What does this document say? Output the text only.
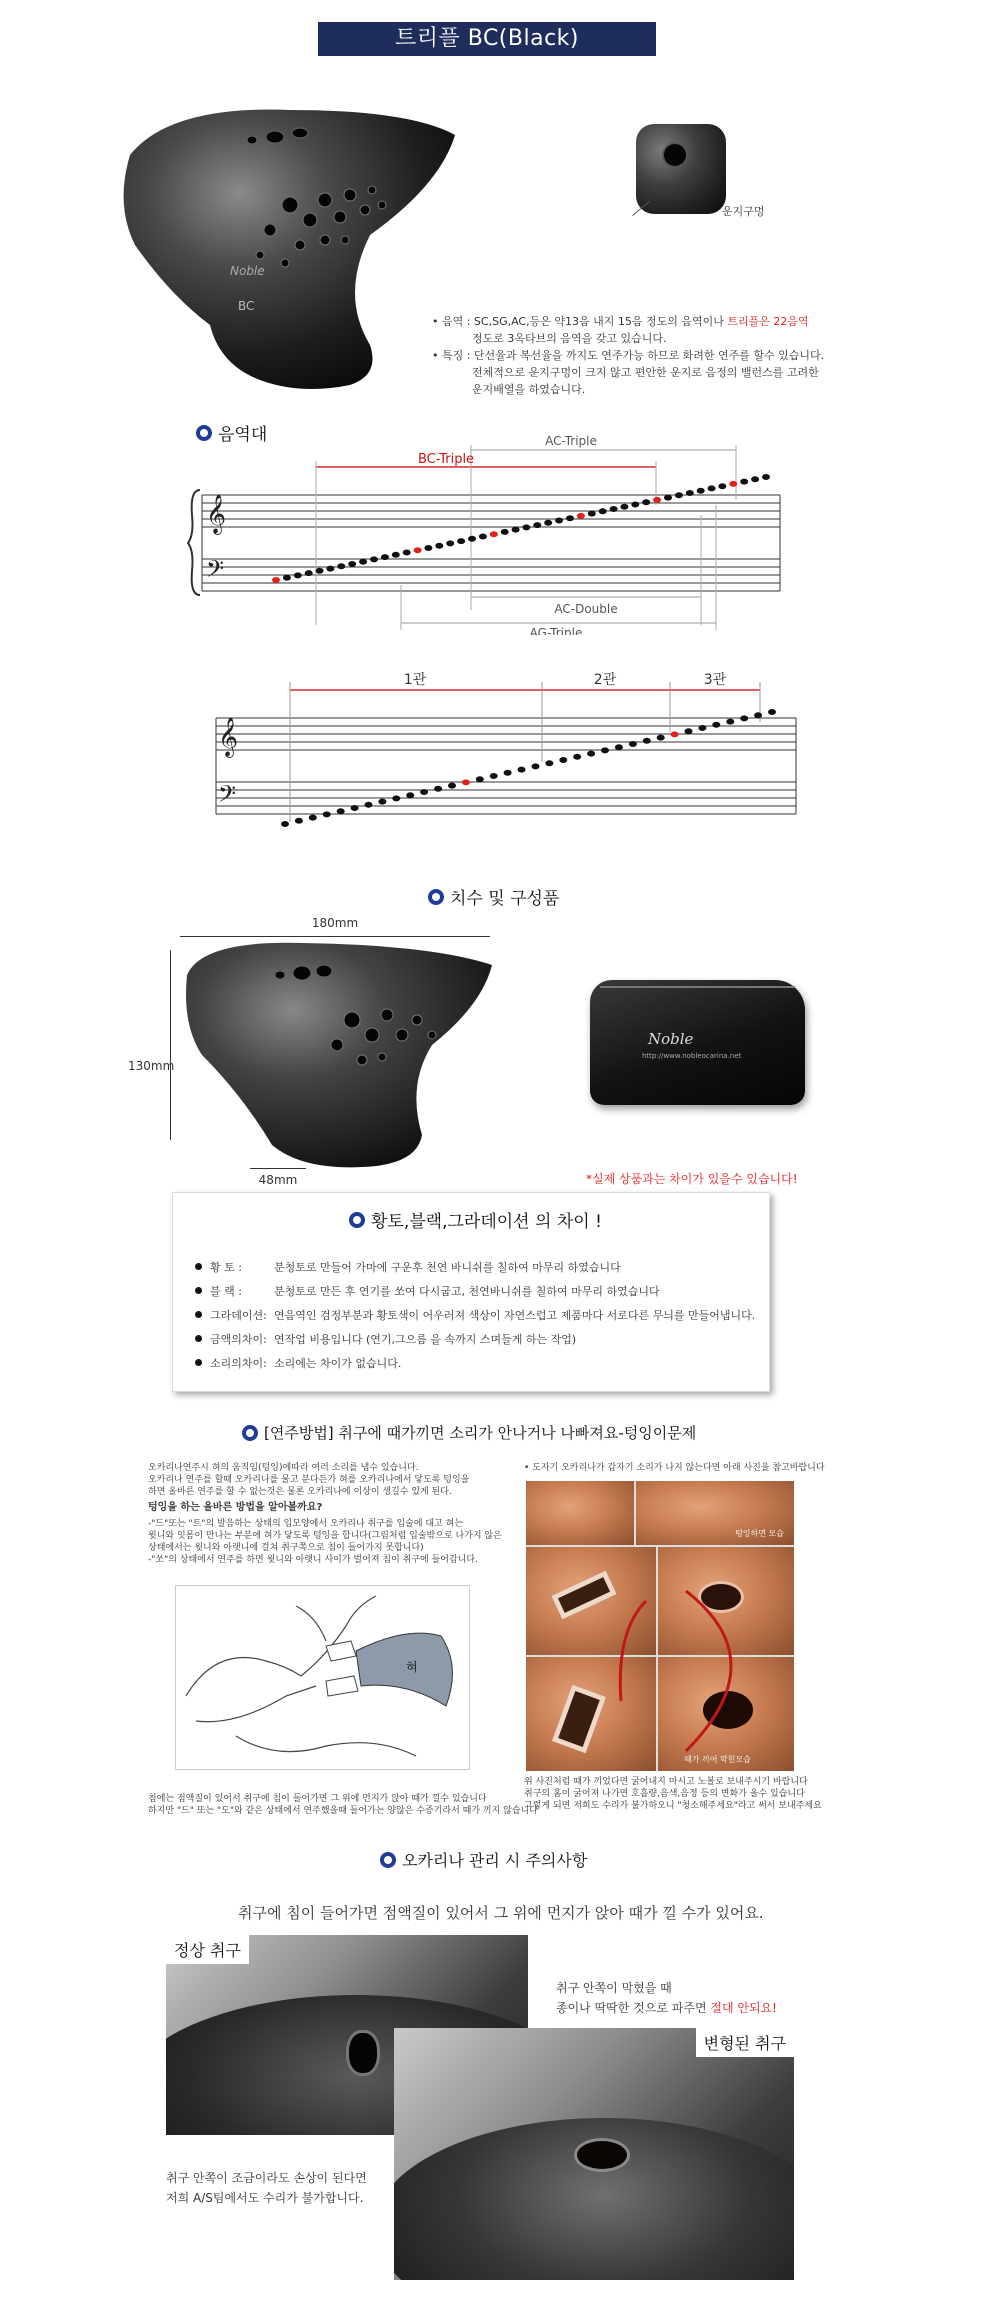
트리플 BC(Black)
Noble
BC
운지구멍
• 음역 : SC,SG,AC,등은 약13음 내지 15음 정도의 음역이나 트리플은 22음역
정도로 3옥타브의 음역을 갖고 있습니다.
• 특징 : 단선율과 복선율을 까지도 연주가능 하므로 화려한 연주를 할수 있습니다.
전체적으로 운지구멍이 크지 않고 편안한 운지로 음정의 밸런스를 고려한
운지배열을 하였습니다.
음역대
𝄞
𝄢
AC-Triple
BC-Triple
AC-Double
AG-Triple
𝄞
𝄢
1관	2관	3관
치수 및 구성품
180mm
130mm
48mm
Noble
http://www.nobleocarina.net
*실제 상품과는 차이가 있을수 있습니다!
황토,블랙,그라데이션 의 차이 !
황 토 :	분청토로 만들어 가마에 구운후 천연 바니쉬를 칠하여 마무리 하였습니다
블 랙 :	분청토로 만든 후 연기를 쏘여 다시굽고, 천연바니쉬를 칠하여 마무리 하였습니다
그라데이션: 연음역인 검정부분과 황토색이 어우러져 색상이 자연스럽고 제품마다 서로다른 무늬를 만들어냅니다.
금액의차이: 연작업 비용입니다 (연기,그으름 을 속까지 스며들게 하는 작업)
소리의차이: 소리에는 차이가 없습니다.
[연주방법] 취구에 때가끼면 소리가 안나거나 나빠져요-텅잉이문제
오카리나연주시 혀의 움직임(텅잉)에따라 여러 소리를 냅수 있습니다.
오카리나 연주를 할때 오카리나를 물고 분다든가 혀를 오카리나에서 닿도록 텅잉을
하면 올바른 연주를 할 수 없는것은 물론 오카리나에 이상이 생길수 있게 된다.
텅잉을 하는 올바른 방법을 알아볼까요?
-"드"또는 "트"의 발음하는 상태의 입모양에서 오카리나 취구를 입술에 대고 혀는
윗니와 잇몸이 만나는 부분에 혀가 닿도록 텅잉을 합니다(그림처럼 입술밖으로 나가지 않은
상태에서는 윗니와 아랫니에 걸쳐 취구쪽으로 침이 들어가지 못합니다)
-"쏘"의 상태에서 연주를 하면 윗니와 아랫니 사이가 벌어져 침이 취구에 들어갑니다.
혀
침에는 점액질이 있어서 취구에 침이 들어가면 그 위에 먼지가 앉아 때가 낄수 있습니다
하지만 "드" 또는 "도"와 같은 상태에서 연주했을때 들어가는 양않은 수증기라서 때가 끼지 않습니다
• 도자기 오카리나가 갑자기 소리가 나지 않는다면 아래 사진을 참고바랍니다
텅잉하면 모습
때가 끼어 막힌모습
위 사진처럼 때가 끼었다면 굵어내지 마시고 노볼로 보내주시기 바랍니다
취구의 홈이 굵어져 나가면 호흡량,음색,음정 등의 변화가 올수 있습니다
그렇게 되면 저희도 수리가 불가하오니 "청소해주세요"라고 써서 보내주세요
오카리나 관리 시 주의사항
취구에 침이 들어가면 점액질이 있어서 그 위에 먼지가 앉아 때가 낄 수가 있어요.
정상 취구
취구 안쪽이 막혔을 때
종이나 딱딱한 것으로 파주면 절대 안되요!
변형된 취구
취구 안쪽이 조금이라도 손상이 된다면
저희 A/S팀에서도 수리가 불가합니다.
